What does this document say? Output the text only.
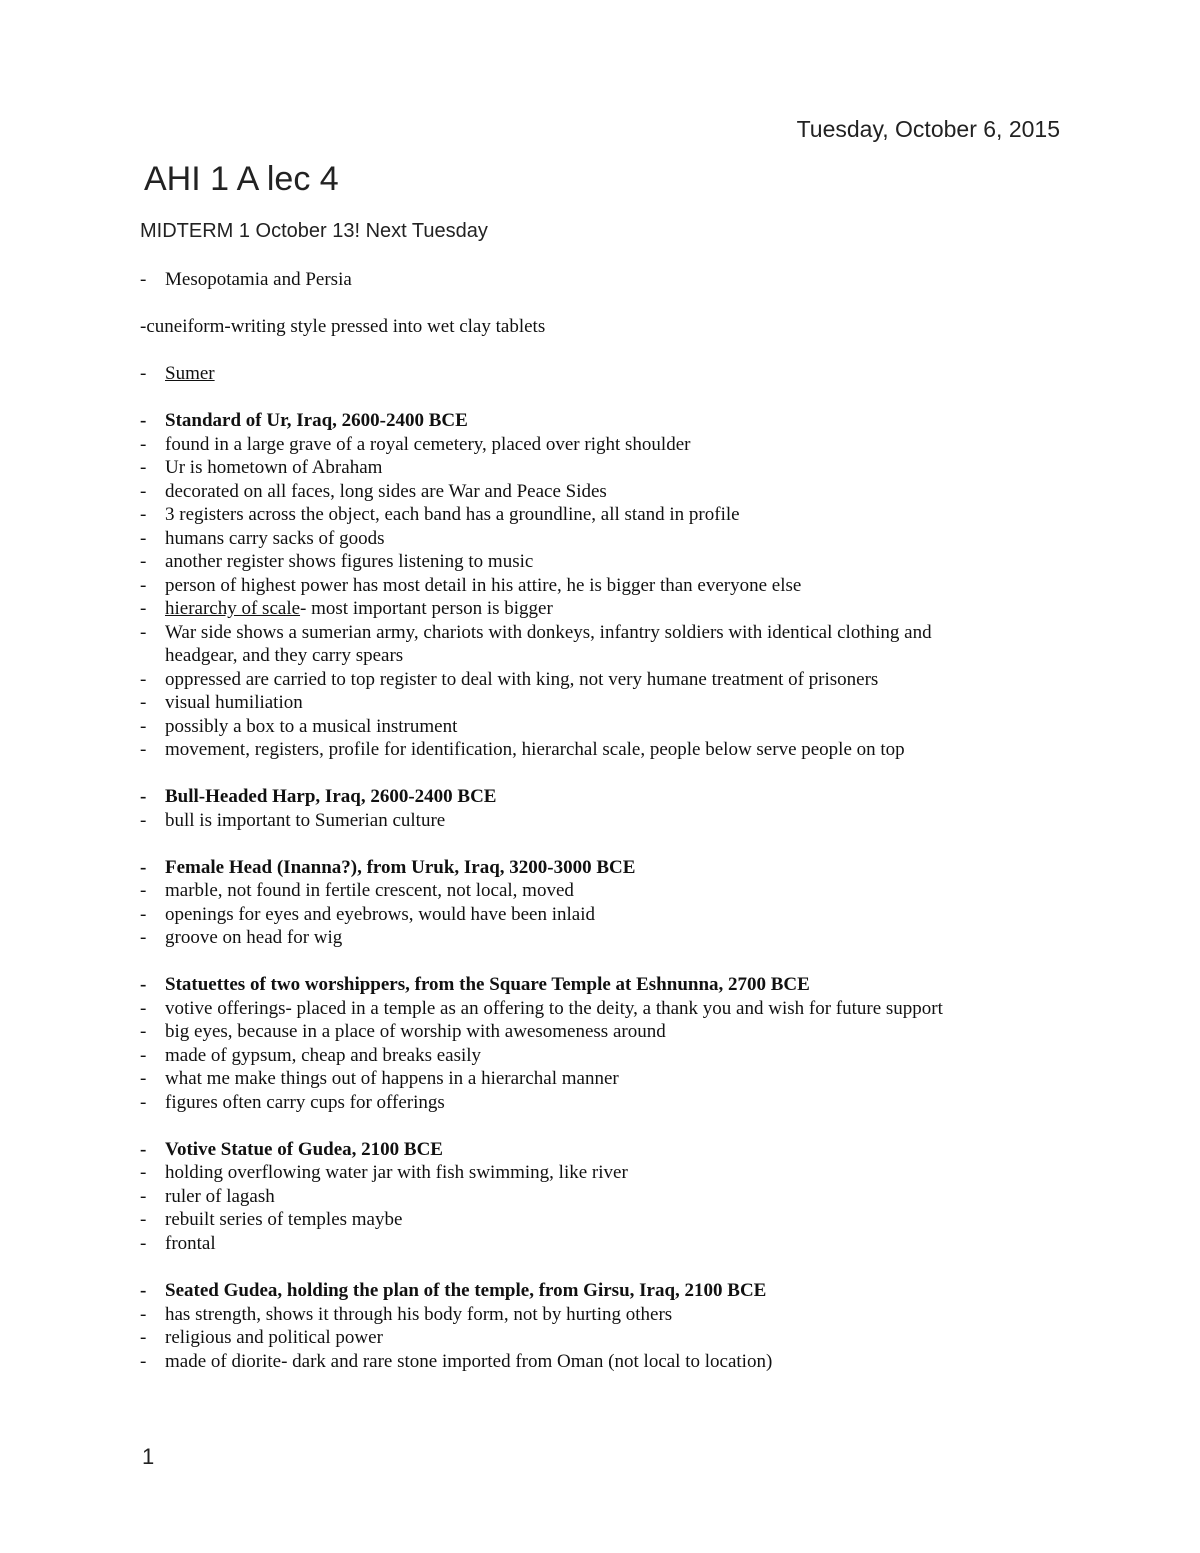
Tuesday, October 6, 2015
AHI 1 A lec 4
MIDTERM 1 October 13! Next Tuesday
- Mesopotamia and Persia
-cuneiform-writing style pressed into wet clay tablets
- Sumer
- Standard of Ur, Iraq, 2600-2400 BCE
- found in a large grave of a royal cemetery, placed over right shoulder
- Ur is hometown of Abraham
- decorated on all faces, long sides are War and Peace Sides
- 3 registers across the object, each band has a groundline, all stand in profile
- humans carry sacks of goods
- another register shows figures listening to music
- person of highest power has most detail in his attire, he is bigger than everyone else
- hierarchy of scale- most important person is bigger
- War side shows a sumerian army, chariots with donkeys, infantry soldiers with identical clothing and
headgear, and they carry spears
- oppressed are carried to top register to deal with king, not very humane treatment of prisoners
- visual humiliation
- possibly a box to a musical instrument
- movement, registers, profile for identification, hierarchal scale, people below serve people on top
- Bull-Headed Harp, Iraq, 2600-2400 BCE
- bull is important to Sumerian culture
- Female Head (Inanna?), from Uruk, Iraq, 3200-3000 BCE
- marble, not found in fertile crescent, not local, moved
- openings for eyes and eyebrows, would have been inlaid
- groove on head for wig
- Statuettes of two worshippers, from the Square Temple at Eshnunna, 2700 BCE
- votive offerings- placed in a temple as an offering to the deity, a thank you and wish for future support
- big eyes, because in a place of worship with awesomeness around
- made of gypsum, cheap and breaks easily
- what me make things out of happens in a hierarchal manner
- figures often carry cups for offerings
- Votive Statue of Gudea, 2100 BCE
- holding overflowing water jar with fish swimming, like river
- ruler of lagash
- rebuilt series of temples maybe
- frontal
- Seated Gudea, holding the plan of the temple, from Girsu, Iraq, 2100 BCE
- has strength, shows it through his body form, not by hurting others
- religious and political power
- made of diorite- dark and rare stone imported from Oman (not local to location)
1
